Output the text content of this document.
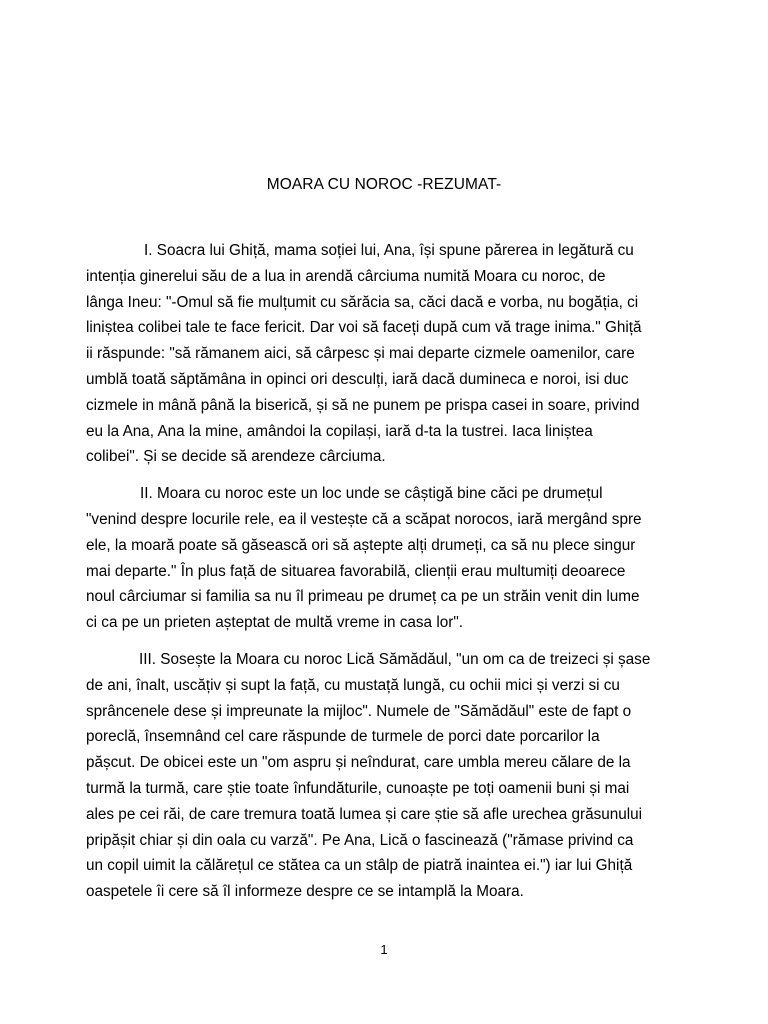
MOARA CU NOROC -REZUMAT-

I. Soacra lui Ghiță, mama soției lui, Ana, își spune părerea in legătură cu
intenția ginerelui său de a lua in arendă cârciuma numită Moara cu noroc, de
lânga Ineu: "-Omul să fie mulțumit cu sărăcia sa, căci dacă e vorba, nu bogăția, ci
liniștea colibei tale te face fericit. Dar voi să faceți după cum vă trage inima." Ghiță
ii răspunde: "să rămanem aici, să cârpesc și mai departe cizmele oamenilor, care
umblă toată săptămâna in opinci ori desculți, iară dacă dumineca e noroi, isi duc
cizmele in mână până la biserică, și să ne punem pe prispa casei in soare, privind
eu la Ana, Ana la mine, amândoi la copilași, iară d-ta la tustrei. Iaca liniștea
colibei". Și se decide să arendeze cârciuma.

II. Moara cu noroc este un loc unde se câștigă bine căci pe drumețul
"venind despre locurile rele, ea il vestește că a scăpat norocos, iară mergând spre
ele, la moară poate să găsească ori să aștepte alți drumeți, ca să nu plece singur
mai departe." În plus față de situarea favorabilă, clienții erau multumiți deoarece
noul cârciumar si familia sa nu îl primeau pe drumeț ca pe un străin venit din lume
ci ca pe un prieten așteptat de multă vreme in casa lor".

III. Sosește la Moara cu noroc Lică Sămădăul, "un om ca de treizeci și șase
de ani, înalt, uscățiv și supt la față, cu mustață lungă, cu ochii mici și verzi si cu
sprâncenele dese și impreunate la mijloc". Numele de "Sămădăul" este de fapt o
poreclă, însemnând cel care răspunde de turmele de porci date porcarilor la
pășcut. De obicei este un "om aspru și neîndurat, care umbla mereu călare de la
turmă la turmă, care știe toate înfundăturile, cunoaște pe toți oamenii buni și mai
ales pe cei răi, de care tremura toată lumea și care știe să afle urechea grăsunului
pripășit chiar și din oala cu varză". Pe Ana, Lică o fascinează ("rămase privind ca
un copil uimit la călărețul ce stătea ca un stâlp de piatră inaintea ei.") iar lui Ghiță
oaspetele îi cere să îl informeze despre ce se intamplă la Moara.

1
